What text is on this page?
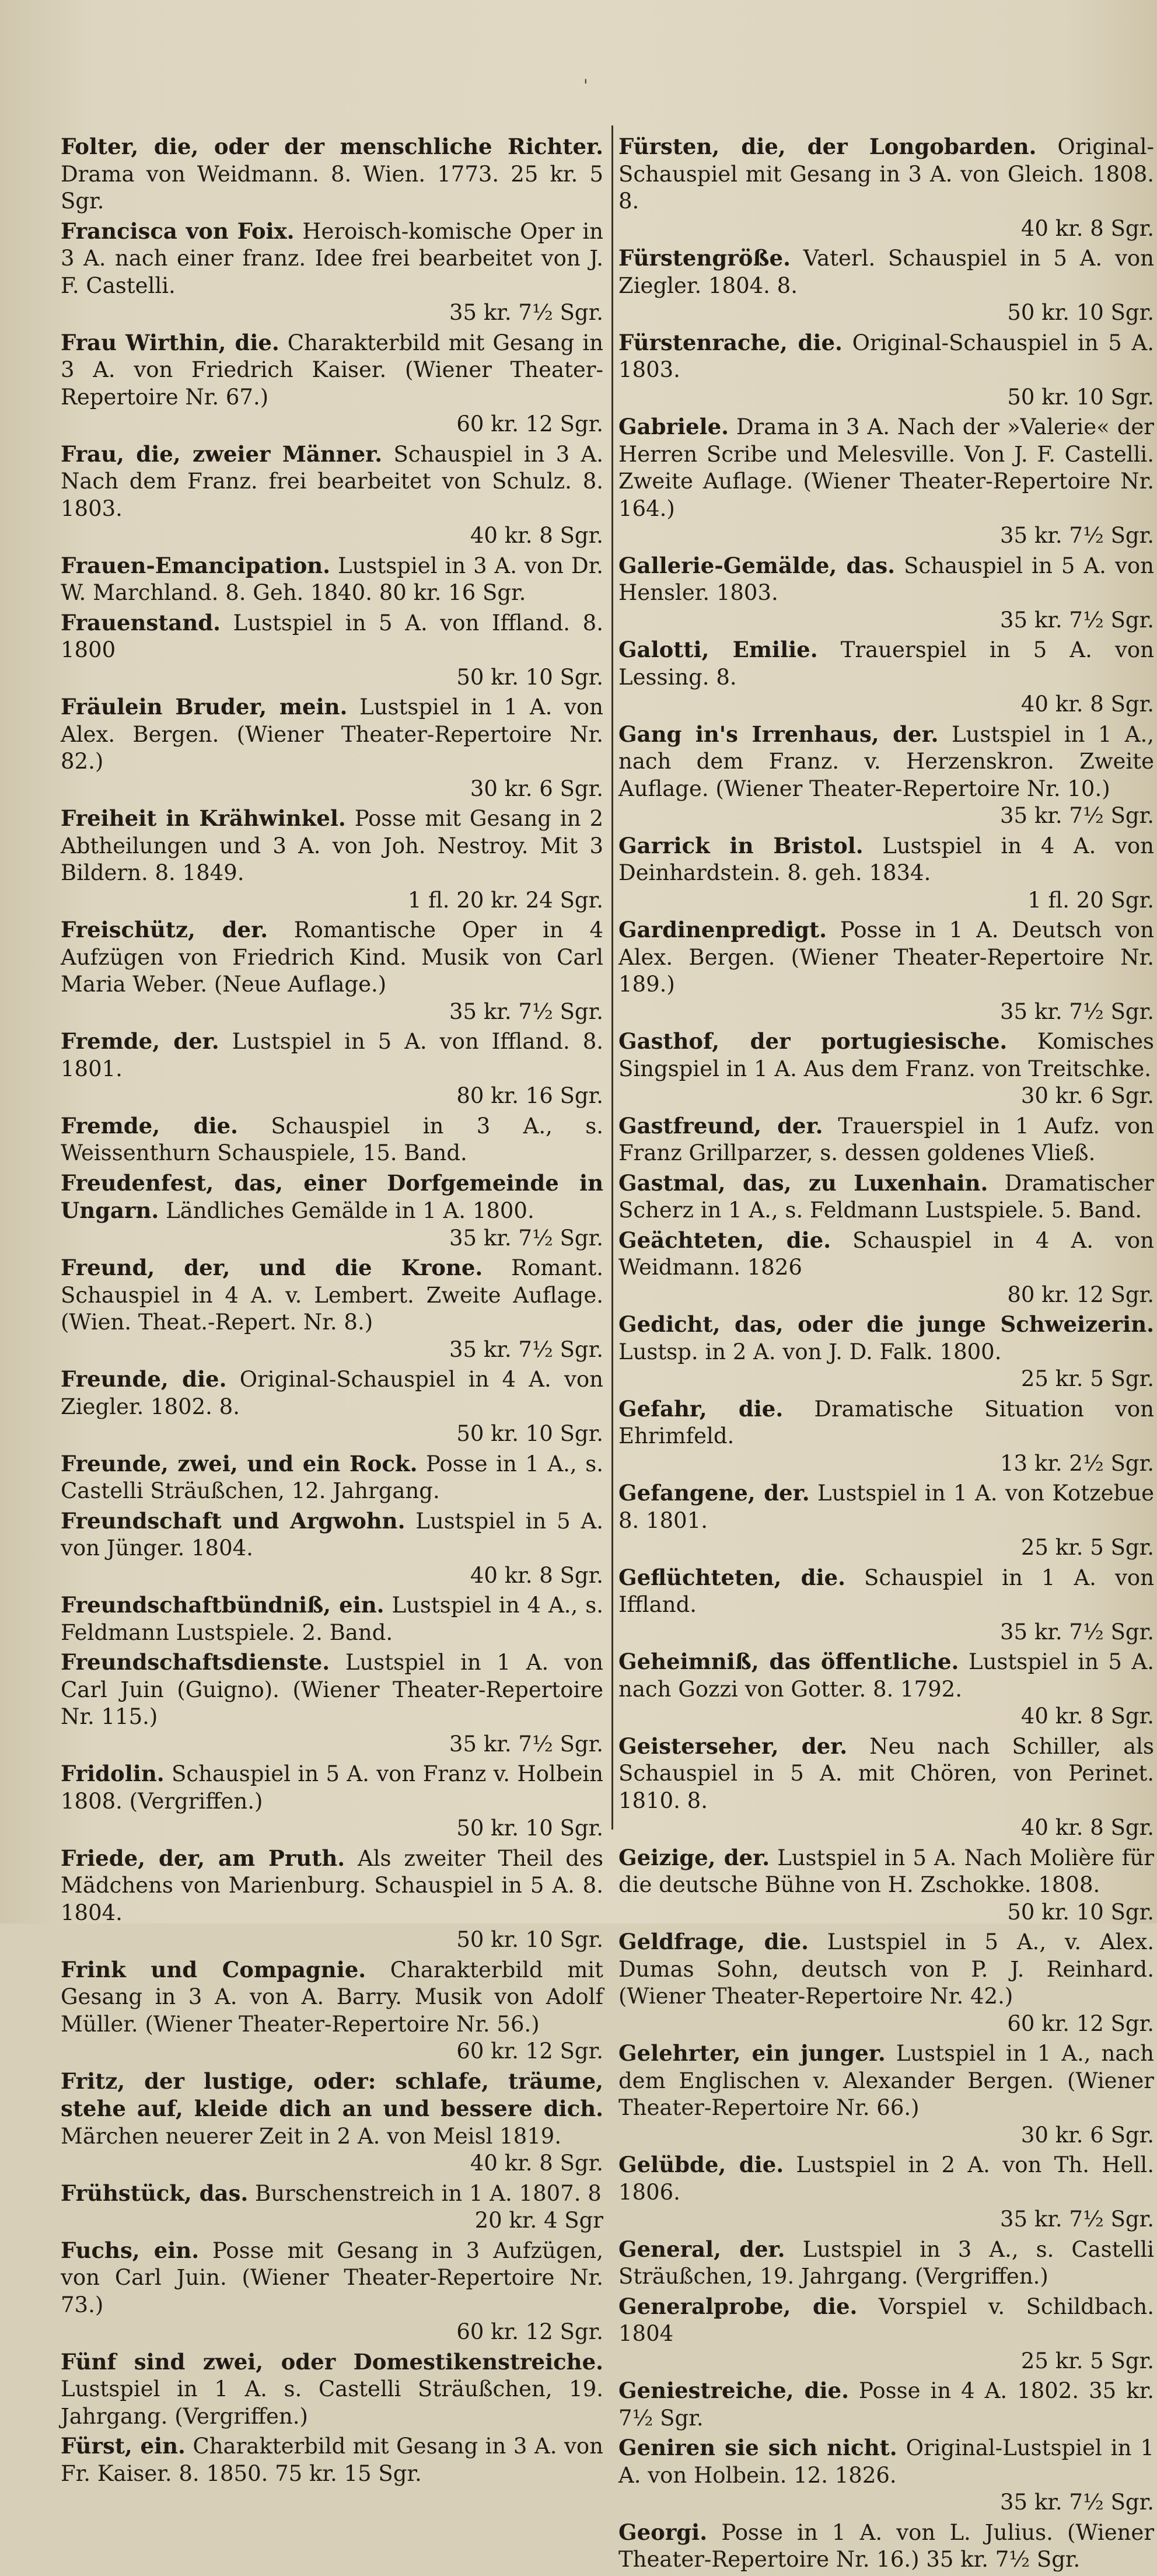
'
Folter, die, oder der menschliche Richter. Drama von Weidmann. 8. Wien. 1773. 25 kr. 5 Sgr.
Francisca von Foix. Heroisch-komische Oper in 3 A. nach einer franz. Idee frei bearbeitet von J. F. Castelli.
35 kr. 7½ Sgr.
Frau Wirthin, die. Charakterbild mit Gesang in 3 A. von Friedrich Kaiser. (Wiener Theater-Repertoire Nr. 67.)
60 kr. 12 Sgr.
Frau, die, zweier Männer. Schauspiel in 3 A. Nach dem Franz. frei bearbeitet von Schulz. 8. 1803.
40 kr. 8 Sgr.
Frauen-Emancipation. Lustspiel in 3 A. von Dr. W. Marchland. 8. Geh. 1840. 80 kr. 16 Sgr.
Frauenstand. Lustspiel in 5 A. von Iffland. 8. 1800
50 kr. 10 Sgr.
Fräulein Bruder, mein. Lustspiel in 1 A. von Alex. Bergen. (Wiener Theater-Repertoire Nr. 82.)
30 kr. 6 Sgr.
Freiheit in Krähwinkel. Posse mit Gesang in 2 Abtheilungen und 3 A. von Joh. Nestroy. Mit 3 Bildern. 8. 1849.
1 fl. 20 kr. 24 Sgr.
Freischütz, der. Romantische Oper in 4 Aufzügen von Friedrich Kind. Musik von Carl Maria Weber. (Neue Auflage.)
35 kr. 7½ Sgr.
Fremde, der. Lustspiel in 5 A. von Iffland. 8. 1801.
80 kr. 16 Sgr.
Fremde, die. Schauspiel in 3 A., s. Weissenthurn Schauspiele, 15. Band.
Freudenfest, das, einer Dorfgemeinde in Ungarn. Ländliches Gemälde in 1 A. 1800.
35 kr. 7½ Sgr.
Freund, der, und die Krone. Romant. Schauspiel in 4 A. v. Lembert. Zweite Auflage. (Wien. Theat.-Repert. Nr. 8.)
35 kr. 7½ Sgr.
Freunde, die. Original-Schauspiel in 4 A. von Ziegler. 1802. 8.
50 kr. 10 Sgr.
Freunde, zwei, und ein Rock. Posse in 1 A., s. Castelli Sträußchen, 12. Jahrgang.
Freundschaft und Argwohn. Lustspiel in 5 A. von Jünger. 1804.
40 kr. 8 Sgr.
Freundschaftbündniß, ein. Lustspiel in 4 A., s. Feldmann Lustspiele. 2. Band.
Freundschaftsdienste. Lustspiel in 1 A. von Carl Juin (Guigno). (Wiener Theater-Repertoire Nr. 115.)
35 kr. 7½ Sgr.
Fridolin. Schauspiel in 5 A. von Franz v. Holbein 1808. (Vergriffen.)
50 kr. 10 Sgr.
Friede, der, am Pruth. Als zweiter Theil des Mädchens von Marienburg. Schauspiel in 5 A. 8. 1804.
50 kr. 10 Sgr.
Frink und Compagnie. Charakterbild mit Gesang in 3 A. von A. Barry. Musik von Adolf Müller. (Wiener Theater-Repertoire Nr. 56.)
60 kr. 12 Sgr.
Fritz, der lustige, oder: schlafe, träume, stehe auf, kleide dich an und bessere dich. Märchen neuerer Zeit in 2 A. von Meisl 1819.
40 kr. 8 Sgr.
Frühstück, das. Burschenstreich in 1 A. 1807. 8
20 kr. 4 Sgr
Fuchs, ein. Posse mit Gesang in 3 Aufzügen, von Carl Juin. (Wiener Theater-Repertoire Nr. 73.)
60 kr. 12 Sgr.
Fünf sind zwei, oder Domestikenstreiche. Lustspiel in 1 A. s. Castelli Sträußchen, 19. Jahrgang. (Vergriffen.)
Fürst, ein. Charakterbild mit Gesang in 3 A. von Fr. Kaiser. 8. 1850. 75 kr. 15 Sgr.
Fürsten, die, der Longobarden. Original-Schauspiel mit Gesang in 3 A. von Gleich. 1808. 8.
40 kr. 8 Sgr.
Fürstengröße. Vaterl. Schauspiel in 5 A. von Ziegler. 1804. 8.
50 kr. 10 Sgr.
Fürstenrache, die. Original-Schauspiel in 5 A. 1803.
50 kr. 10 Sgr.
Gabriele. Drama in 3 A. Nach der »Valerie« der Herren Scribe und Melesville. Von J. F. Castelli. Zweite Auflage. (Wiener Theater-Repertoire Nr. 164.)
35 kr. 7½ Sgr.
Gallerie-Gemälde, das. Schauspiel in 5 A. von Hensler. 1803.
35 kr. 7½ Sgr.
Galotti, Emilie. Trauerspiel in 5 A. von Lessing. 8.
40 kr. 8 Sgr.
Gang in's Irrenhaus, der. Lustspiel in 1 A., nach dem Franz. v. Herzenskron. Zweite Auflage. (Wiener Theater-Repertoire Nr. 10.)
35 kr. 7½ Sgr.
Garrick in Bristol. Lustspiel in 4 A. von Deinhardstein. 8. geh. 1834.
1 fl. 20 Sgr.
Gardinenpredigt. Posse in 1 A. Deutsch von Alex. Bergen. (Wiener Theater-Repertoire Nr. 189.)
35 kr. 7½ Sgr.
Gasthof, der portugiesische. Komisches Singspiel in 1 A. Aus dem Franz. von Treitschke.
30 kr. 6 Sgr.
Gastfreund, der. Trauerspiel in 1 Aufz. von Franz Grillparzer, s. dessen goldenes Vließ.
Gastmal, das, zu Luxenhain. Dramatischer Scherz in 1 A., s. Feldmann Lustspiele. 5. Band.
Geächteten, die. Schauspiel in 4 A. von Weidmann. 1826
80 kr. 12 Sgr.
Gedicht, das, oder die junge Schweizerin. Lustsp. in 2 A. von J. D. Falk. 1800.
25 kr. 5 Sgr.
Gefahr, die. Dramatische Situation von Ehrimfeld.
13 kr. 2½ Sgr.
Gefangene, der. Lustspiel in 1 A. von Kotzebue 8. 1801.
25 kr. 5 Sgr.
Geflüchteten, die. Schauspiel in 1 A. von Iffland.
35 kr. 7½ Sgr.
Geheimniß, das öffentliche. Lustspiel in 5 A. nach Gozzi von Gotter. 8. 1792.
40 kr. 8 Sgr.
Geisterseher, der. Neu nach Schiller, als Schauspiel in 5 A. mit Chören, von Perinet. 1810. 8.
40 kr. 8 Sgr.
Geizige, der. Lustspiel in 5 A. Nach Molière für die deutsche Bühne von H. Zschokke. 1808.
50 kr. 10 Sgr.
Geldfrage, die. Lustspiel in 5 A., v. Alex. Dumas Sohn, deutsch von P. J. Reinhard. (Wiener Theater-Repertoire Nr. 42.)
60 kr. 12 Sgr.
Gelehrter, ein junger. Lustspiel in 1 A., nach dem Englischen v. Alexander Bergen. (Wiener Theater-Repertoire Nr. 66.)
30 kr. 6 Sgr.
Gelübde, die. Lustspiel in 2 A. von Th. Hell. 1806.
35 kr. 7½ Sgr.
General, der. Lustspiel in 3 A., s. Castelli Sträußchen, 19. Jahrgang. (Vergriffen.)
Generalprobe, die. Vorspiel v. Schildbach. 1804
25 kr. 5 Sgr.
Geniestreiche, die. Posse in 4 A. 1802. 35 kr. 7½ Sgr.
Geniren sie sich nicht. Original-Lustspiel in 1 A. von Holbein. 12. 1826.
35 kr. 7½ Sgr.
Georgi. Posse in 1 A. von L. Julius. (Wiener Theater-Repertoire Nr. 16.) 35 kr. 7½ Sgr.
